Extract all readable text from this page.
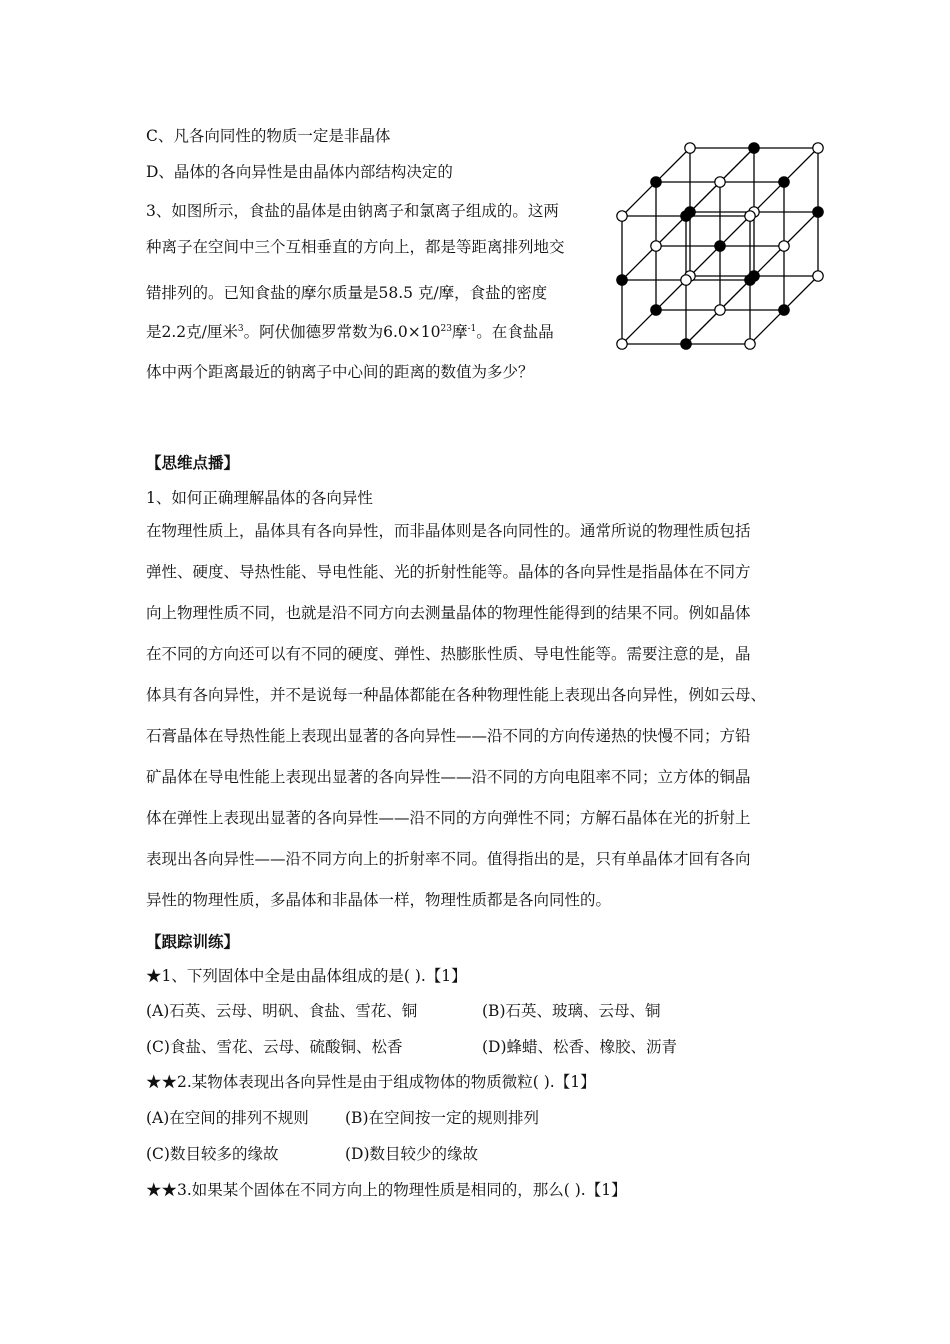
C、凡各向同性的物质一定是非晶体
D、晶体的各向异性是由晶体内部结构决定的
3、如图所示，食盐的晶体是由钠离子和氯离子组成的。这两
种离子在空间中三个互相垂直的方向上，都是等距离排列地交
错排列的。已知食盐的摩尔质量是58.5 克/摩，食盐的密度
是2.2克/厘米$^3$。阿伏伽德罗常数为$6.0\times 10^{23}$摩$^{-1}$。在食盐晶
体中两个距离最近的钠离子中心间的距离的数值为多少？
【思维点播】
1、如何正确理解晶体的各向异性
在物理性质上，晶体具有各向异性，而非晶体则是各向同性的。通常所说的物理性质包括
弹性、硬度、导热性能、导电性能、光的折射性能等。晶体的各向异性是指晶体在不同方
向上物理性质不同，也就是沿不同方向去测量晶体的物理性能得到的结果不同。例如晶体
在不同的方向还可以有不同的硬度、弹性、热膨胀性质、导电性能等。需要注意的是，晶
体具有各向异性，并不是说每一种晶体都能在各种物理性能上表现出各向异性，例如云母、
石膏晶体在导热性能上表现出显著的各向异性——沿不同的方向传递热的快慢不同；方铅
矿晶体在导电性能上表现出显著的各向异性——沿不同的方向电阻率不同；立方体的铜晶
体在弹性上表现出显著的各向异性——沿不同的方向弹性不同；方解石晶体在光的折射上
表现出各向异性——沿不同方向上的折射率不同。值得指出的是，只有单晶体才回有各向
异性的物理性质，多晶体和非晶体一样，物理性质都是各向同性的。
【跟踪训练】
★1、下列固体中全是由晶体组成的是( ).【1】
(A)石英、云母、明矾、食盐、雪花、铜	(B)石英、玻璃、云母、铜
(C)食盐、雪花、云母、硫酸铜、松香	(D)蜂蜡、松香、橡胶、沥青
★★2.某物体表现出各向异性是由于组成物体的物质微粒( ).【1】
(A)在空间的排列不规则 (B)在空间按一定的规则排列
(C)数目较多的缘故	(D)数目较少的缘故
★★3.如果某个固体在不同方向上的物理性质是相同的，那么( ).【1】
